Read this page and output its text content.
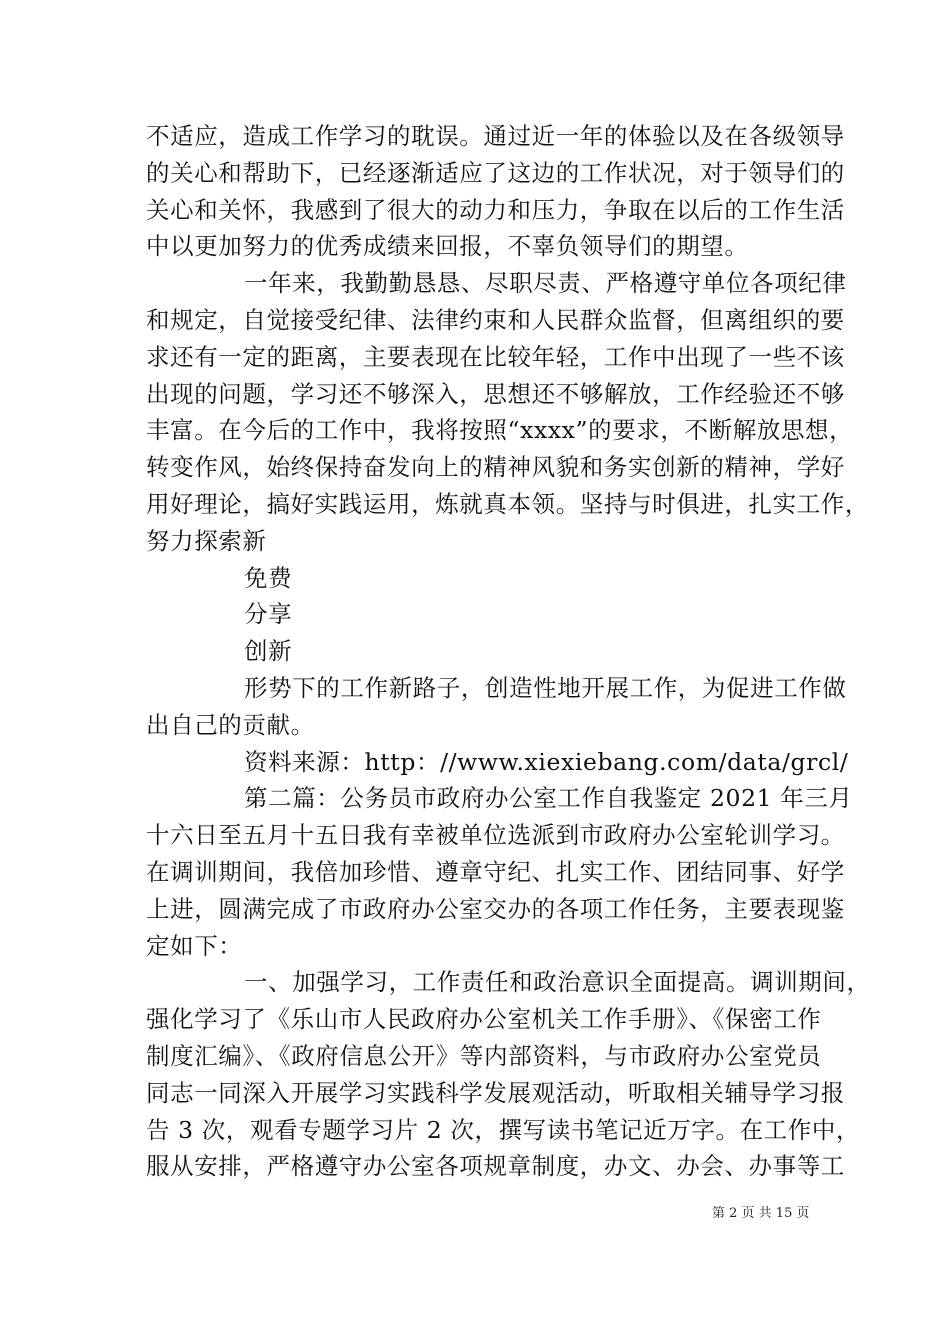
不适应，造成工作学习的耽误。通过近一年的体验以及在各级领导
的关心和帮助下，已经逐渐适应了这边的工作状况，对于领导们的
关心和关怀，我感到了很大的动力和压力，争取在以后的工作生活
中以更加努力的优秀成绩来回报，不辜负领导们的期望。
一年来，我勤勤恳恳、尽职尽责、严格遵守单位各项纪律
和规定，自觉接受纪律、法律约束和人民群众监督，但离组织的要
求还有一定的距离，主要表现在比较年轻，工作中出现了一些不该
出现的问题，学习还不够深入，思想还不够解放，工作经验还不够
丰富。在今后的工作中，我将按照“xxxx”的要求，不断解放思想，
转变作风，始终保持奋发向上的精神风貌和务实创新的精神，学好
用好理论，搞好实践运用，炼就真本领。坚持与时俱进，扎实工作，
努力探索新
免费
分享
创新
形势下的工作新路子，创造性地开展工作，为促进工作做
出自己的贡献。
资料来源：http：//www.xiexiebang.com/data/grcl/
第二篇：公务员市政府办公室工作自我鉴定 2021 年三月
十六日至五月十五日我有幸被单位选派到市政府办公室轮训学习。
在调训期间，我倍加珍惜、遵章守纪、扎实工作、团结同事、好学
上进，圆满完成了市政府办公室交办的各项工作任务，主要表现鉴
定如下：
一、加强学习，工作责任和政治意识全面提高。调训期间，
强化学习了《乐山市人民政府办公室机关工作手册》、《保密工作
制度汇编》、《政府信息公开》等内部资料，与市政府办公室党员
同志一同深入开展学习实践科学发展观活动，听取相关辅导学习报
告 3 次，观看专题学习片 2 次，撰写读书笔记近万字。在工作中，
服从安排，严格遵守办公室各项规章制度，办文、办会、办事等工
第 2 页 共 15 页
